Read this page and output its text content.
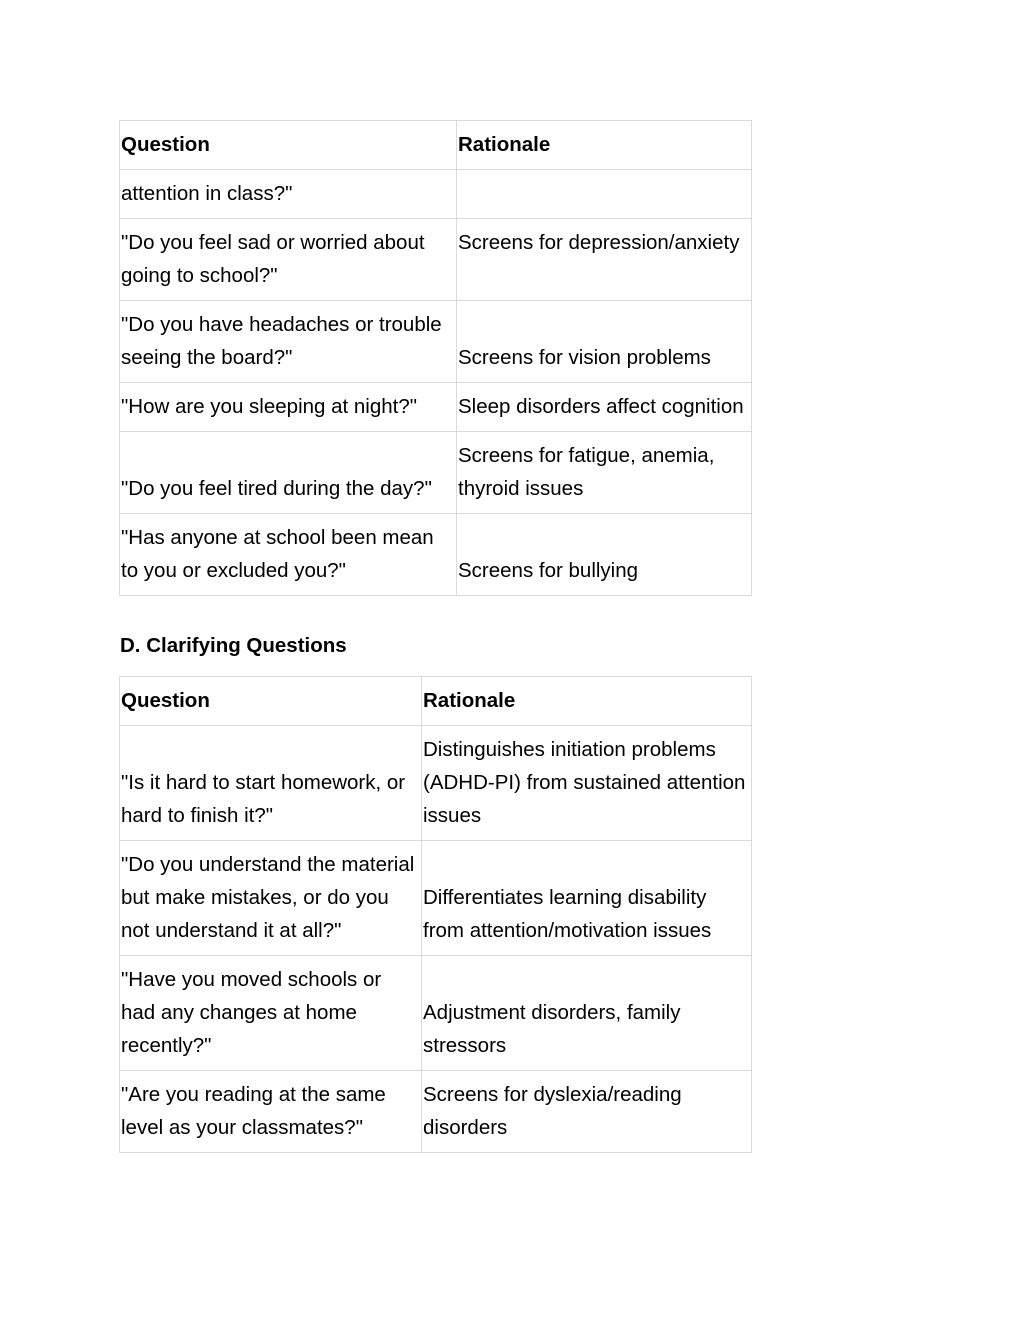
Question	Rationale
attention in class?"	
"Do you feel sad or worried about going to school?"	Screens for depression/anxiety
"Do you have headaches or trouble seeing the board?"	Screens for vision problems
"How are you sleeping at night?"	Sleep disorders affect cognition
"Do you feel tired during the day?"	Screens for fatigue, anemia, thyroid issues
"Has anyone at school been mean to you or excluded you?"	Screens for bullying
D. Clarifying Questions
Question	Rationale
"Is it hard to start homework, or hard to finish it?"	Distinguishes initiation problems (ADHD-PI) from sustained attention issues
"Do you understand the material but make mistakes, or do you not understand it at all?"	Differentiates learning disability from attention/motivation issues
"Have you moved schools or had any changes at home recently?"	Adjustment disorders, family stressors
"Are you reading at the same level as your classmates?"	Screens for dyslexia/reading disorders
